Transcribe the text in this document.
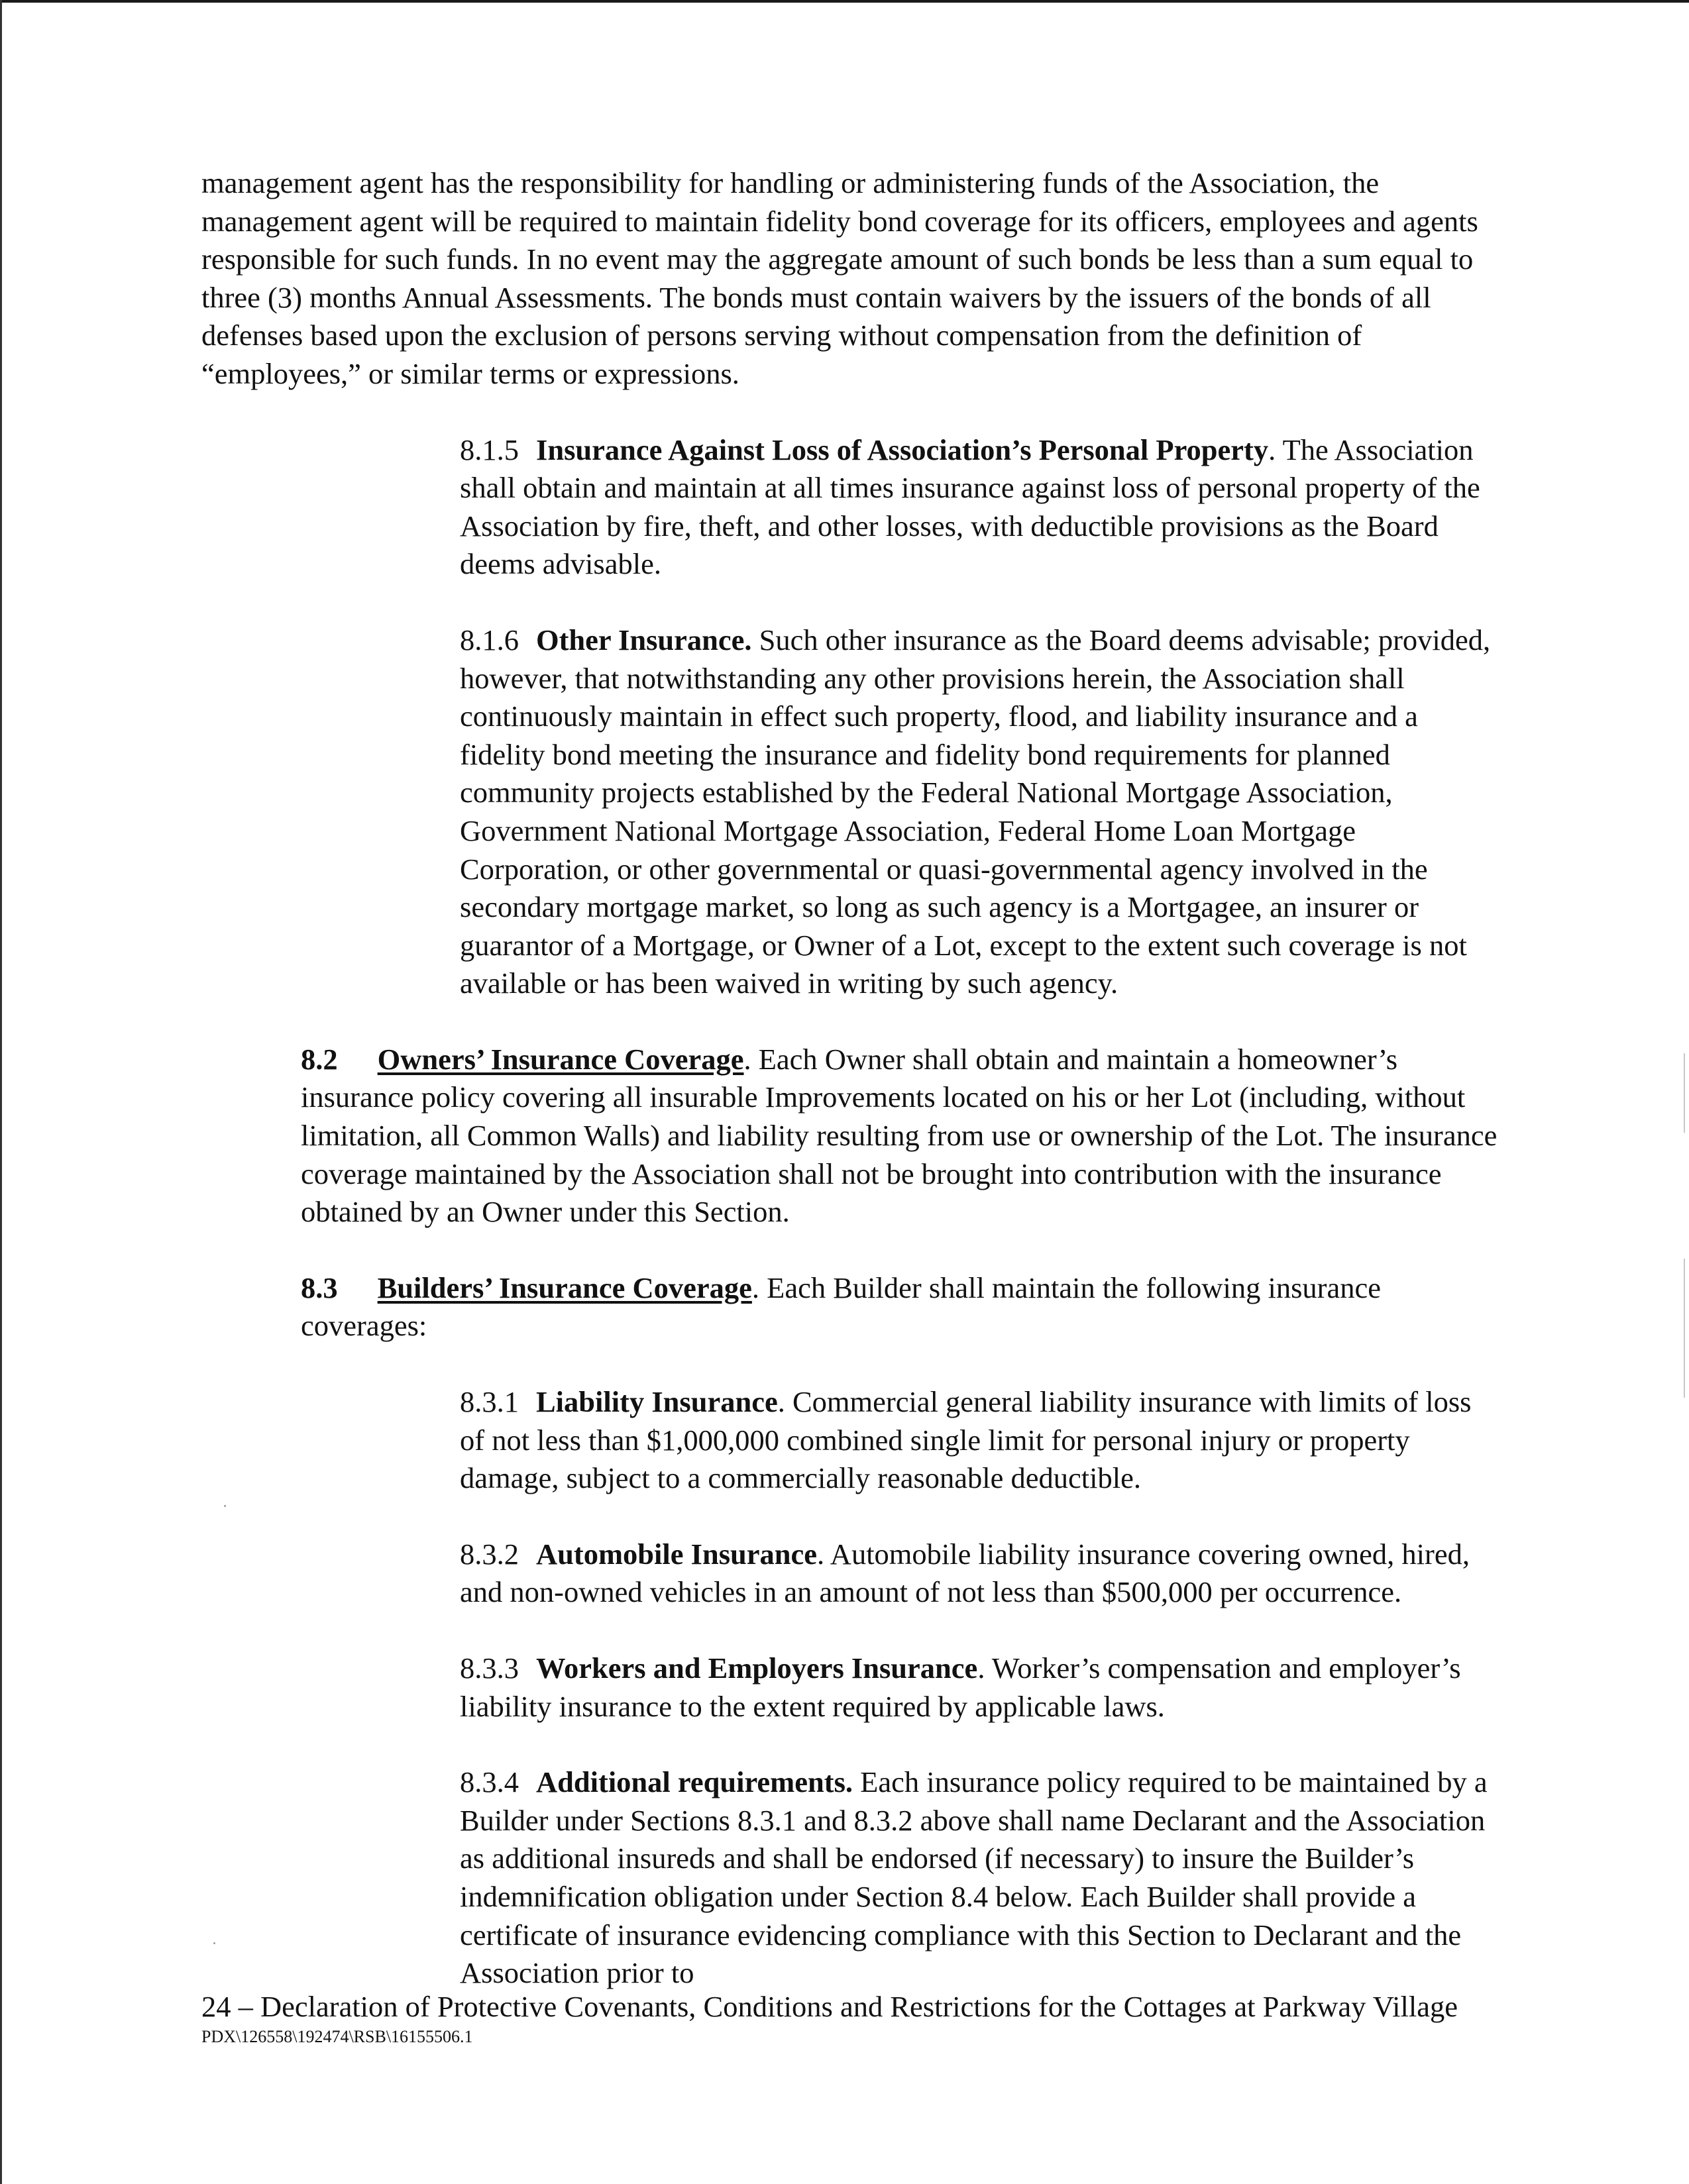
management agent has the responsibility for handling or administering funds of the Association, the management agent will be required to maintain fidelity bond coverage for its officers, employees and agents responsible for such funds. In no event may the aggregate amount of such bonds be less than a sum equal to three (3) months Annual Assessments. The bonds must contain waivers by the issuers of the bonds of all defenses based upon the exclusion of persons serving without compensation from the definition of “employees,” or similar terms or expressions.

8.1.5 Insurance Against Loss of Association’s Personal Property. The Association shall obtain and maintain at all times insurance against loss of personal property of the Association by fire, theft, and other losses, with deductible provisions as the Board deems advisable.

8.1.6 Other Insurance. Such other insurance as the Board deems advisable; provided, however, that notwithstanding any other provisions herein, the Association shall continuously maintain in effect such property, flood, and liability insurance and a fidelity bond meeting the insurance and fidelity bond requirements for planned community projects established by the Federal National Mortgage Association, Government National Mortgage Association, Federal Home Loan Mortgage Corporation, or other governmental or quasi-governmental agency involved in the secondary mortgage market, so long as such agency is a Mortgagee, an insurer or guarantor of a Mortgage, or Owner of a Lot, except to the extent such coverage is not available or has been waived in writing by such agency.

8.2 Owners’ Insurance Coverage. Each Owner shall obtain and maintain a homeowner’s insurance policy covering all insurable Improvements located on his or her Lot (including, without limitation, all Common Walls) and liability resulting from use or ownership of the Lot. The insurance coverage maintained by the Association shall not be brought into contribution with the insurance obtained by an Owner under this Section.

8.3 Builders’ Insurance Coverage. Each Builder shall maintain the following insurance coverages:

8.3.1 Liability Insurance. Commercial general liability insurance with limits of loss of not less than $1,000,000 combined single limit for personal injury or property damage, subject to a commercially reasonable deductible.

8.3.2 Automobile Insurance. Automobile liability insurance covering owned, hired, and non-owned vehicles in an amount of not less than $500,000 per occurrence.

8.3.3 Workers and Employers Insurance. Worker’s compensation and employer’s liability insurance to the extent required by applicable laws.

8.3.4 Additional requirements. Each insurance policy required to be maintained by a Builder under Sections 8.3.1 and 8.3.2 above shall name Declarant and the Association as additional insureds and shall be endorsed (if necessary) to insure the Builder’s indemnification obligation under Section 8.4 below. Each Builder shall provide a certificate of insurance evidencing compliance with this Section to Declarant and the Association prior to

24 – Declaration of Protective Covenants, Conditions and Restrictions for the Cottages at Parkway Village
PDX\126558\192474\RSB\16155506.1
